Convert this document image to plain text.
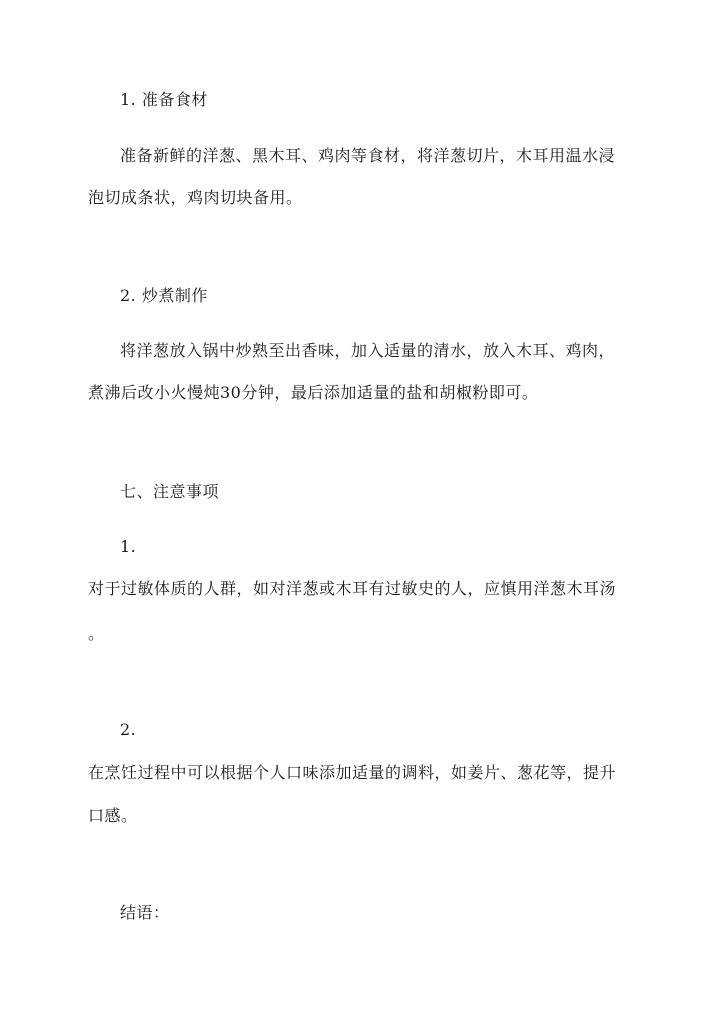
1. 准备食材
准备新鲜的洋葱、黑木耳、鸡肉等食材，将洋葱切片，木耳用温水浸
泡切成条状，鸡肉切块备用。
2. 炒煮制作
将洋葱放入锅中炒熟至出香味，加入适量的清水，放入木耳、鸡肉，
煮沸后改小火慢炖30分钟，最后添加适量的盐和胡椒粉即可。
七、注意事项
1.
对于过敏体质的人群，如对洋葱或木耳有过敏史的人，应慎用洋葱木耳汤
。
2.
在烹饪过程中可以根据个人口味添加适量的调料，如姜片、葱花等，提升
口感。
结语：
